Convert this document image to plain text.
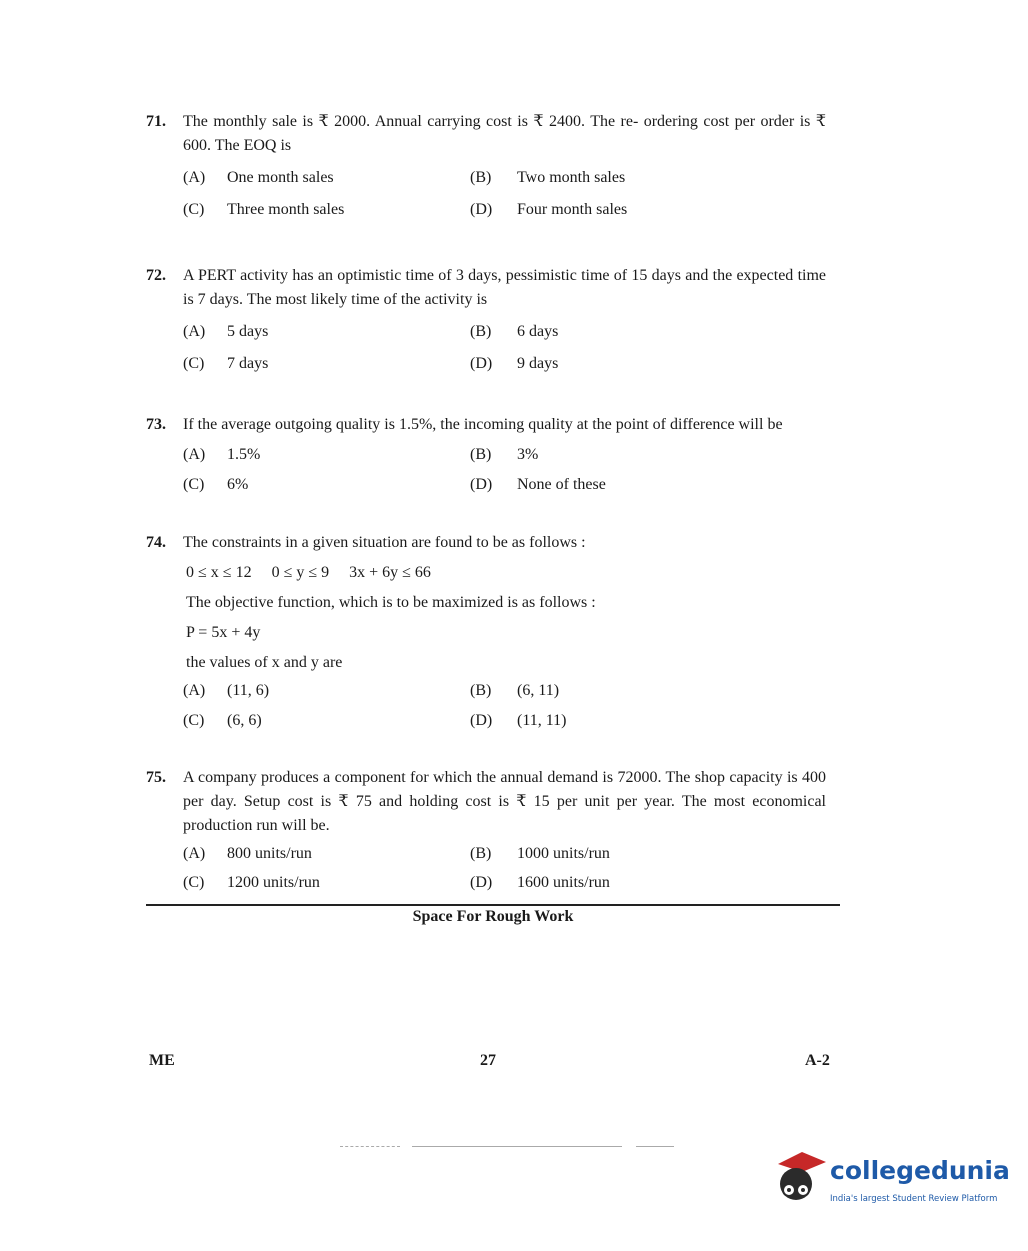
71. The monthly sale is ₹ 2000. Annual carrying cost is ₹ 2400. The re- ordering cost per order is ₹ 600. The EOQ is
(A) One month sales	(B) Two month sales
(C) Three month sales	(D) Four month sales
72. A PERT activity has an optimistic time of 3 days, pessimistic time of 15 days and the expected time is 7 days. The most likely time of the activity is
(A) 5 days	(B) 6 days
(C) 7 days	(D) 9 days
73. If the average outgoing quality is 1.5%, the incoming quality at the point of difference will be
(A) 1.5%	(B) 3%
(C) 6%	(D) None of these
74. The constraints in a given situation are found to be as follows :
0 ≤ x ≤ 12     0 ≤ y ≤ 9     3x + 6y ≤ 66
The objective function, which is to be maximized is as follows :
P = 5x + 4y
the values of x and y are
(A) (11, 6)	(B) (6, 11)
(C) (6, 6)	(D) (11, 11)
75. A company produces a component for which the annual demand is 72000. The shop capacity is 400 per day. Setup cost is ₹ 75 and holding cost is ₹ 15 per unit per year. The most economical production run will be.
(A) 800 units/run	(B) 1000 units/run
(C) 1200 units/run	(D) 1600 units/run
Space For Rough Work
ME	27	A-2
collegedunia
India's largest Student Review Platform
